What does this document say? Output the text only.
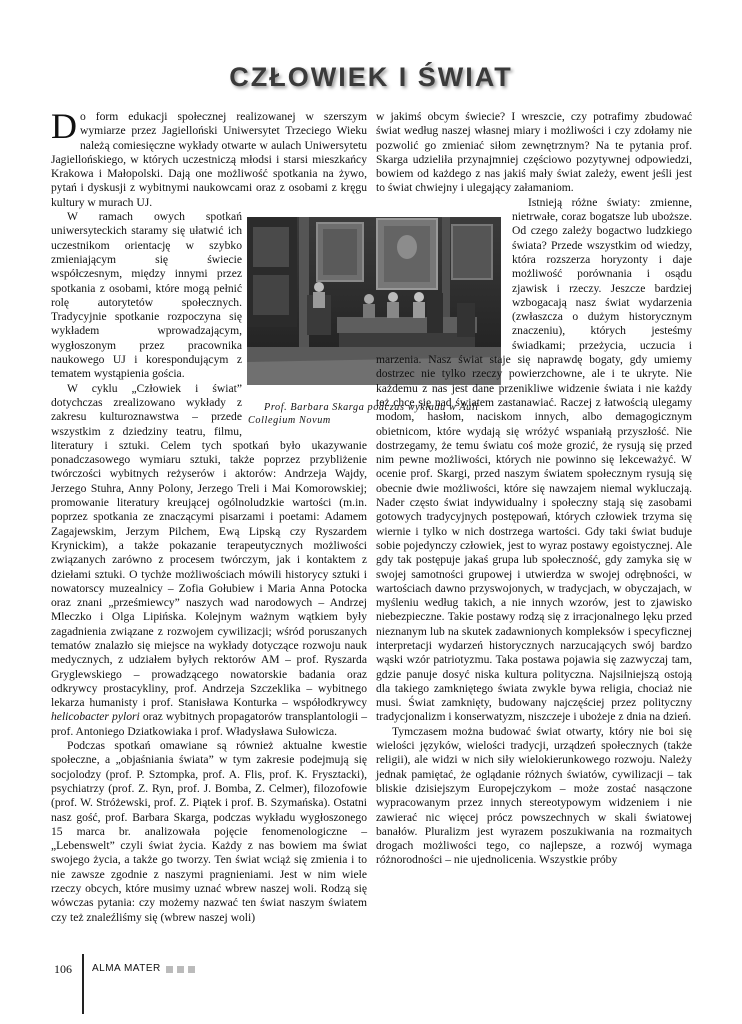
CZŁOWIEK I ŚWIAT

Do form edukacji społecznej realizowanej w szerszym wymiarze przez Jagielloński Uniwersytet Trzeciego Wieku należą comiesięczne wykłady otwarte w aulach Uniwersytetu Jagiellońskiego, w których uczestniczą młodsi i starsi mieszkańcy Krakowa i Małopolski. Dają one możliwość spotkania na żywo, pytań i dyskusji z wybitnymi naukowcami oraz z osobami z kręgu kultury w murach UJ.

Prof. Barbara Skarga podczas wykładu w Auli Collegium Novum
W ramach owych spotkań uniwersyteckich staramy się ułatwić ich uczestnikom orientację w szybko zmieniającym się świecie współczesnym, między innymi przez spotkania z osobami, które mogą pełnić rolę autorytetów społecznych. Tradycyjnie spotkanie rozpoczyna się wykładem wprowadzającym, wygłoszonym przez pracownika naukowego UJ i korespondującym z tematem wystąpienia gościa.

W cyklu „Człowiek i świat” dotychczas zrealizowano wykłady z zakresu kulturoznawstwa – przede wszystkim z dziedziny teatru, filmu, literatury i sztuki. Celem tych spotkań było ukazywanie ponadczasowego wymiaru sztuki, także poprzez przybliżenie twórczości wybitnych reżyserów i aktorów: Andrzeja Wajdy, Jerzego Stuhra, Anny Polony, Jerzego Treli i Mai Komorowskiej; promowanie literatury kreującej ogólnoludzkie wartości (m.in. poprzez spotkania ze znaczącymi pisarzami i poetami: Adamem Zagajewskim, Jerzym Pilchem, Ewą Lipską czy Ryszardem Krynickim), a także pokazanie terapeutycznych możliwości związanych zarówno z procesem twórczym, jak i kontaktem z dziełami sztuki. O tychże możliwościach mówili historycy sztuki i nowatorscy muzealnicy – Zofia Gołubiew i Maria Anna Potocka oraz znani „prześmiewcy” naszych wad narodowych – Andrzej Mleczko i Olga Lipińska. Kolejnym ważnym wątkiem były zagadnienia związane z rozwojem cywilizacji; wśród poruszanych tematów znalazło się miejsce na wykłady dotyczące rozwoju nauk medycznych, z udziałem byłych rektorów AM – prof. Ryszarda Gryglewskiego – prowadzącego nowatorskie badania oraz odkrywcy prostacykliny, prof. Andrzeja Szczeklika – wybitnego lekarza humanisty i prof. Stanisława Konturka – współodkrywcy helicobacter pylori oraz wybitnych propagatorów transplantologii – prof. Antoniego Dziatkowiaka i prof. Władysława Sułowicza.

Podczas spotkań omawiane są również aktualne kwestie społeczne, a „objaśniania świata” w tym zakresie podejmują się socjolodzy (prof. P. Sztompka, prof. A. Flis, prof. K. Frysztacki), psychiatrzy (prof. Z. Ryn, prof. J. Bomba, Z. Celmer), filozofowie (prof. W. Stróżewski, prof. Z. Piątek i prof. B. Szymańska). Ostatni nasz gość, prof. Barbara Skarga, podczas wykładu wygłoszonego 15 marca br. analizowała pojęcie fenomenologiczne – „Lebenswelt” czyli świat życia. Każdy z nas bowiem ma świat swojego życia, a także go tworzy. Ten świat wciąż się zmienia i to nie zawsze zgodnie z naszymi pragnieniami. Jest w nim wiele rzeczy obcych, które musimy uznać wbrew naszej woli. Rodzą się wówczas pytania: czy możemy nazwać ten świat naszym światem czy też znaleźliśmy się (wbrew naszej woli)

w jakimś obcym świecie? I wreszcie, czy potrafimy zbudować świat według naszej własnej miary i możliwości i czy zdołamy nie pozwolić go zmieniać siłom zewnętrznym? Na te pytania prof. Skarga udzieliła przynajmniej częściowo pozytywnej odpowiedzi, bowiem od każdego z nas jakiś mały świat zależy, ewent jeśli jest to świat chwiejny i ulegający załamaniom.

Istnieją różne światy: zmienne, nietrwałe, coraz bogatsze lub uboższe. Od czego zależy bogactwo ludzkiego świata? Przede wszystkim od wiedzy, która rozszerza horyzonty i daje możliwość porównania i osądu zjawisk i rzeczy. Jeszcze bardziej wzbogacają nasz świat wydarzenia (zwłaszcza o dużym historycznym znaczeniu), których jesteśmy świadkami; przeżycia, uczucia i marzenia. Nasz świat staje się naprawdę bogaty, gdy umiemy dostrzec nie tylko rzeczy powierzchowne, ale i te ukryte. Nie każdemu z nas jest dane przenikliwe widzenie świata i nie każdy też chce się nad światem zastanawiać. Raczej z łatwością ulegamy modom, hasłom, naciskom innych, albo demagogicznym obietnicom, które wydają się wróżyć wspaniałą przyszłość. Nie dostrzegamy, że temu światu coś może grozić, że rysują się przed nim pewne możliwości, których nie powinno się lekceważyć. W ocenie prof. Skargi, przed naszym światem społecznym rysują się obecnie dwie możliwości, które się nawzajem niemal wykluczają. Nader często świat indywidualny i społeczny stają się zasobami gotowych tradycyjnych postępowań, których człowiek trzyma się wiernie i tylko w nich dostrzega wartości. Gdy taki świat buduje sobie pojedynczy człowiek, jest to wyraz postawy egoistycznej. Ale gdy tak postępuje jakaś grupa lub społeczność, gdy zamyka się w swojej samotności grupowej i utwierdza w swojej odrębności, w wartościach dawno przyswojonych, w tradycjach, w obyczajach, w myśleniu według takich, a nie innych wzorów, jest to zjawisko niebezpieczne. Takie postawy rodzą się z irracjonalnego lęku przed nieznanym lub na skutek zadawnionych kompleksów i specyficznej interpretacji wydarzeń historycznych narzucających swój bardzo wąski wzór patriotyzmu. Taka postawa pojawia się zazwyczaj tam, gdzie panuje dosyć niska kultura polityczna. Najsilniejszą ostoją dla takiego zamkniętego świata zwykle bywa religia, chociaż nie musi. Świat zamknięty, budowany najczęściej przez polityczny tradycjonalizm i konserwatyzm, niszczeje i ubożeje z dnia na dzień.

Tymczasem można budować świat otwarty, który nie boi się wielości języków, wielości tradycji, urządzeń społecznych (także religii), ale widzi w nich siły wielokierunkowego rozwoju. Należy jednak pamiętać, że oglądanie różnych światów, cywilizacji – tak bliskie dzisiejszym Europejczykom – może zostać nasączone wypracowanym przez innych stereotypowym widzeniem i nie zawierać nic więcej prócz powszechnych w skali światowej banałów. Pluralizm jest wyrazem poszukiwania na rozmaitych drogach możliwości tego, co najlepsze, a rozwój wymaga różnorodności – nie ujednolicenia. Wszystkie próby

106 ALMA MATER
